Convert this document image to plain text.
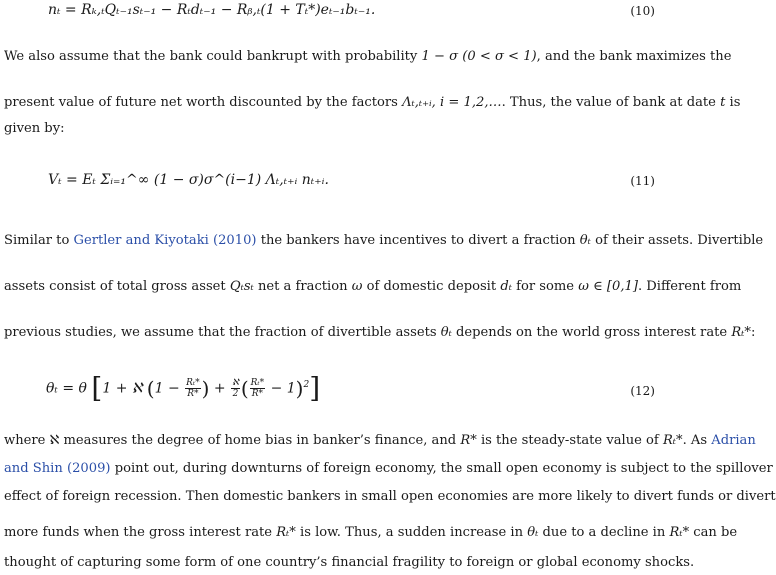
nₜ = Rₖ,ₜQₜ₋₁sₜ₋₁ − Rₜdₜ₋₁ − Rᵦ,ₜ(1 + Tₜ*)eₜ₋₁bₜ₋₁.	(10)
We also assume that the bank could bankrupt with probability 1 − σ (0 < σ < 1), and the bank maximizes the
present value of future net worth discounted by the factors Λₜ,ₜ₊ᵢ, i = 1,2,…. Thus, the value of bank at date t is
given by:
Vₜ = Eₜ Σᵢ₌₁^∞ (1 − σ)σ^(i−1) Λₜ,ₜ₊ᵢ nₜ₊ᵢ.	(11)
Similar to Gertler and Kiyotaki (2010) the bankers have incentives to divert a fraction θₜ of their assets. Divertible
assets consist of total gross asset Qₜsₜ net a fraction ω of domestic deposit dₜ for some ω ∈ [0,1]. Different from
previous studies, we assume that the fraction of divertible assets θₜ depends on the world gross interest rate Rₜ*:
θₜ = θ [1 + ℵ ($1 - \frac{\text{Rₜ*}}{R*}$ ) + $\frac{\text{ℵ}}{2}$ ( $\frac{\text{Rₜ*}}{R*} - 1)^2$]	(12)
where ℵ measures the degree of home bias in banker’s finance, and R* is the steady-state value of Rₜ*. As Adrian
and Shin (2009) point out, during downturns of foreign economy, the small open economy is subject to the spillover
effect of foreign recession. Then domestic bankers in small open economies are more likely to divert funds or divert
more funds when the gross interest rate Rₜ* is low. Thus, a sudden increase in θₜ due to a decline in Rₜ* can be
thought of capturing some form of one country’s financial fragility to foreign or global economy shocks.
